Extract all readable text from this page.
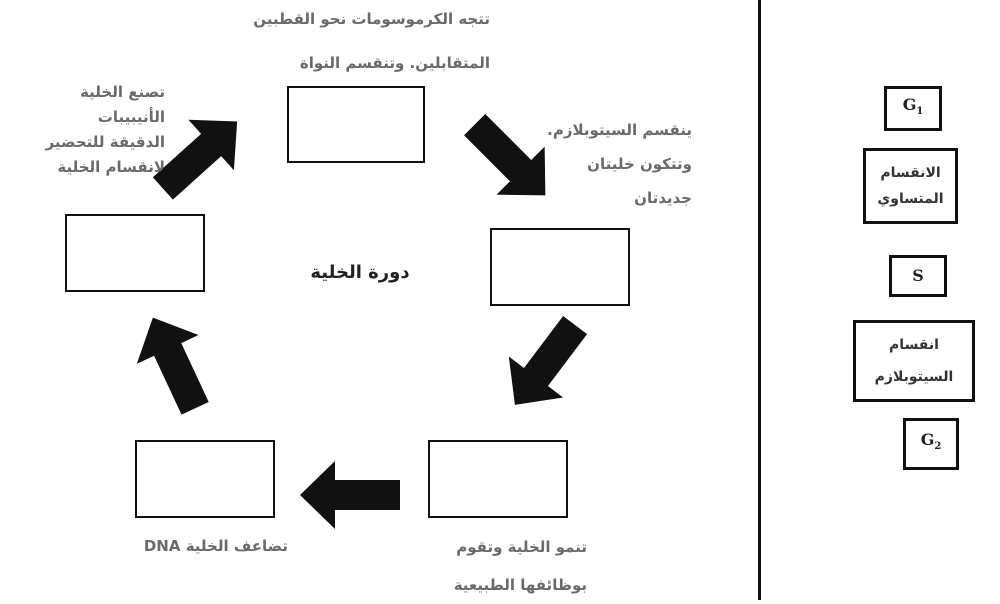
دورة الخلية
تتجه الكرموسومات نحو القطبين
المتقابلين. وتنقسم النواة
ينقسم السيتوبلازم.
وتتكون خليتان
جديدتان
تنمو الخلية وتقوم
بوظائفها الطبيعية
تضاعف الخلية DNA
تصنع الخلية
الأنيبيبات
الدقيقة للتحضير
لانقسام الخلية
$G_1$
الانقسام
المتساوي
S
انقسام
السيتوبلازم
$G_2$
